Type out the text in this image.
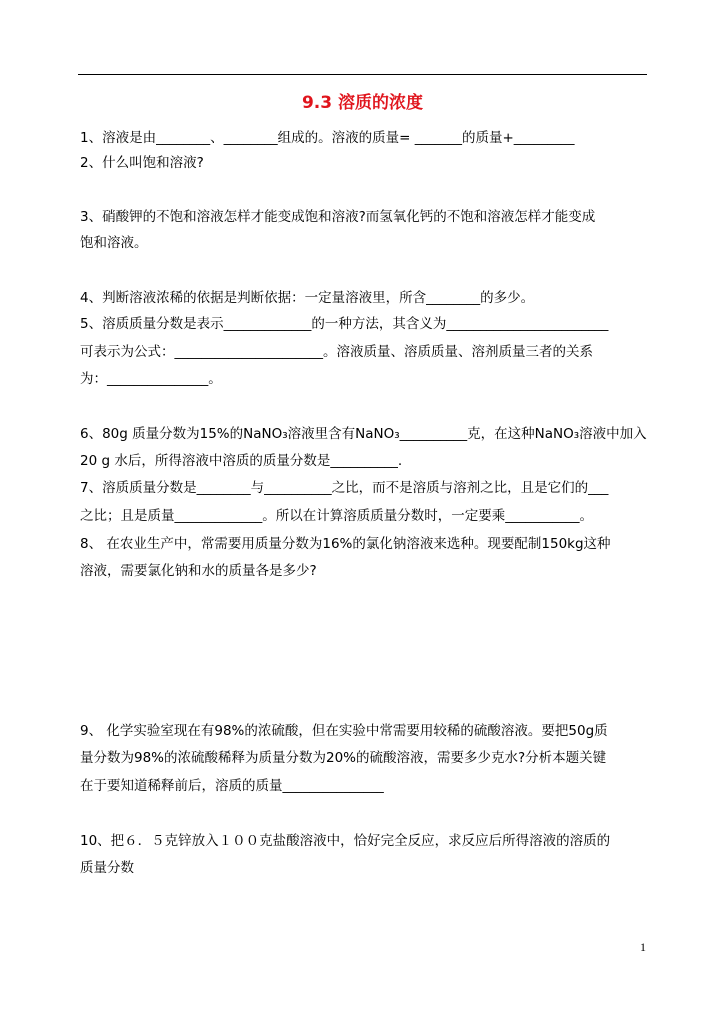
9.3 溶质的浓度
1、溶液是由________、________组成的。溶液的质量= _______的质量+_________
2、什么叫饱和溶液?
3、硝酸钾的不饱和溶液怎样才能变成饱和溶液?而氢氧化钙的不饱和溶液怎样才能变成
饱和溶液。
4、判断溶液浓稀的依据是判断依据：一定量溶液里，所含________的多少。
5、溶质质量分数是表示_____________的一种方法，其含义为________________________
可表示为公式：______________________。溶液质量、溶质质量、溶剂质量三者的关系
为：_______________。
6、80g 质量分数为15%的NaNO₃溶液里含有NaNO₃__________克，在这种NaNO₃溶液中加入
20 g 水后，所得溶液中溶质的质量分数是__________.
7、溶质质量分数是________与__________之比，而不是溶质与溶剂之比，且是它们的___
之比；且是质量_____________。所以在计算溶质质量分数时，一定要乘___________。
8、 在农业生产中，常需要用质量分数为16%的氯化钠溶液来选种。现要配制150kg这种
溶液，需要氯化钠和水的质量各是多少?
9、 化学实验室现在有98%的浓硫酸，但在实验中常需要用较稀的硫酸溶液。要把50g质
量分数为98%的浓硫酸稀释为质量分数为20%的硫酸溶液，需要多少克水?分析本题关键
在于要知道稀释前后，溶质的质量_______________
10、把６．５克锌放入１００克盐酸溶液中，恰好完全反应，求反应后所得溶液的溶质的
质量分数
1
